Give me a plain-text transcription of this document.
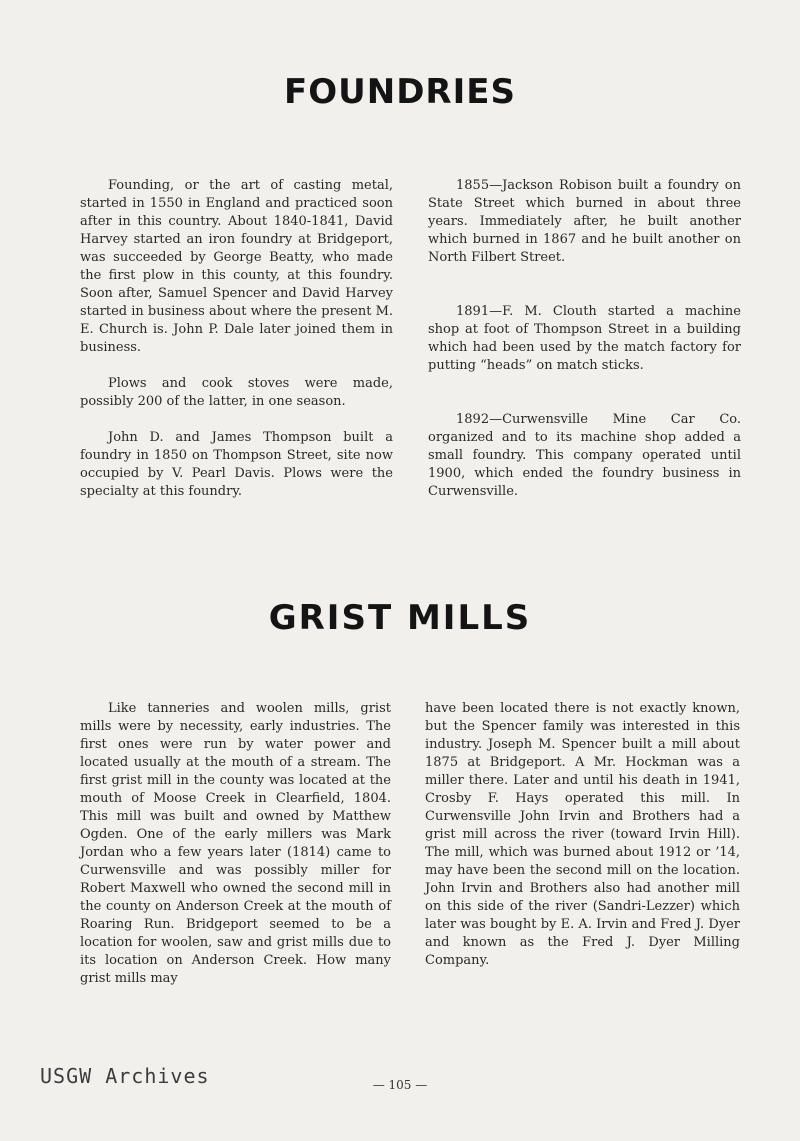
FOUNDRIES

Founding, or the art of casting metal, started in 1550 in England and practiced soon after in this country. About 1840-1841, David Harvey started an iron foundry at Bridgeport, was succeeded by George Beatty, who made the first plow in this county, at this foundry. Soon after, Samuel Spencer and David Harvey started in business about where the present M. E. Church is. John P. Dale later joined them in business.

Plows and cook stoves were made, possibly 200 of the latter, in one season.

John D. and James Thompson built a foundry in 1850 on Thompson Street, site now occupied by V. Pearl Davis. Plows were the specialty at this foundry.

1855—Jackson Robison built a foundry on State Street which burned in about three years. Immediately after, he built another which burned in 1867 and he built another on North Filbert Street.

1891—F. M. Clouth started a machine shop at foot of Thompson Street in a building which had been used by the match factory for putting “heads” on match sticks.

1892—Curwensville Mine Car Co. organized and to its machine shop added a small foundry. This company operated until 1900, which ended the foundry business in Curwensville.

GRIST MILLS

Like tanneries and woolen mills, grist mills were by necessity, early industries. The first ones were run by water power and located usually at the mouth of a stream. The first grist mill in the county was located at the mouth of Moose Creek in Clearfield, 1804. This mill was built and owned by Matthew Ogden. One of the early millers was Mark Jordan who a few years later (1814) came to Curwensville and was possibly miller for Robert Maxwell who owned the second mill in the county on Anderson Creek at the mouth of Roaring Run. Bridgeport seemed to be a location for woolen, saw and grist mills due to its location on Anderson Creek. How many grist mills may

have been located there is not exactly known, but the Spencer family was interested in this industry. Joseph M. Spencer built a mill about 1875 at Bridgeport. A Mr. Hockman was a miller there. Later and until his death in 1941, Crosby F. Hays operated this mill. In Curwensville John Irvin and Brothers had a grist mill across the river (toward Irvin Hill). The mill, which was burned about 1912 or ’14, may have been the second mill on the location. John Irvin and Brothers also had another mill on this side of the river (Sandri-Lezzer) which later was bought by E. A. Irvin and Fred J. Dyer and known as the Fred J. Dyer Milling Company.

USGW Archives	— 105 —
